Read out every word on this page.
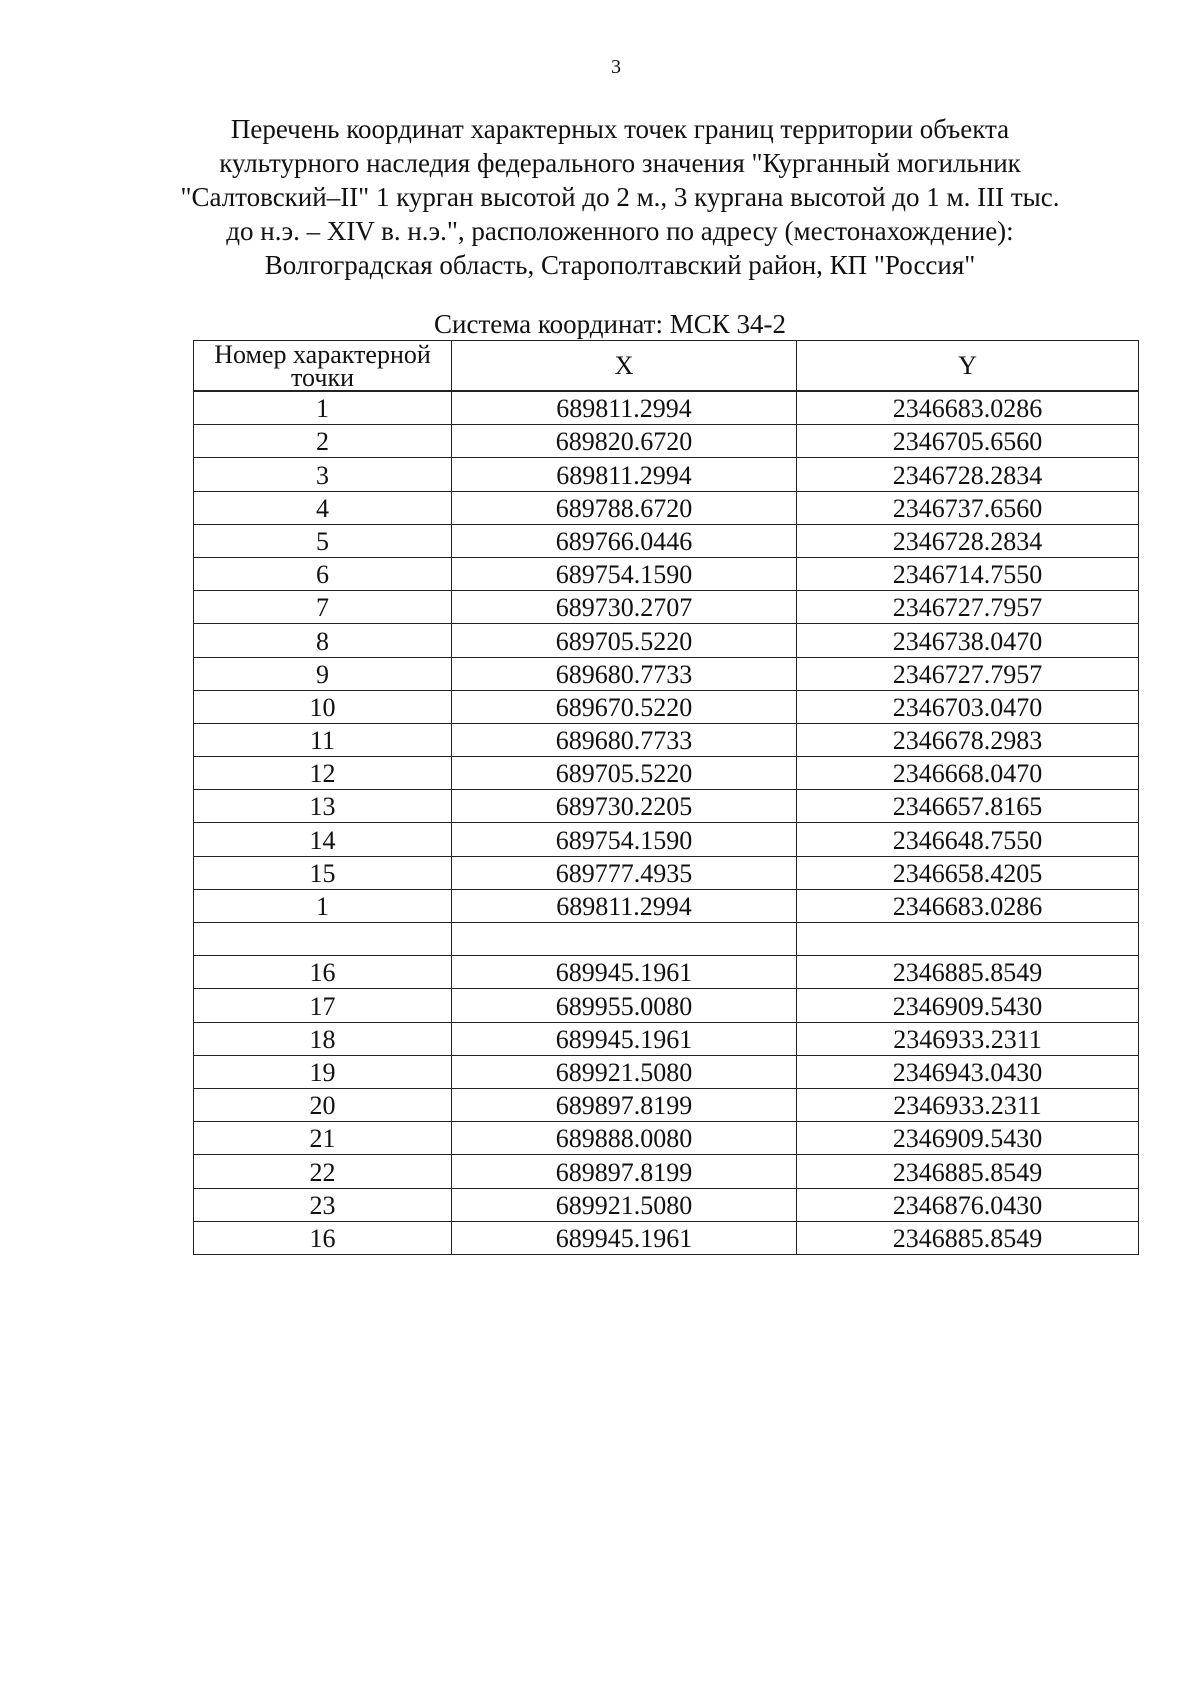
3
Перечень координат характерных точек границ территории объекта
культурного наследия федерального значения "Курганный могильник
"Салтовский–II" 1 курган высотой до 2 м., 3 кургана высотой до 1 м. III тыс.
до н.э. – XIV в. н.э.", расположенного по адресу (местонахождение):
Волгоградская область, Старополтавский район, КП "Россия"
Система координат: МСК 34-2
Номер характерной точки	X	Y
1	689811.2994	2346683.0286
2	689820.6720	2346705.6560
3	689811.2994	2346728.2834
4	689788.6720	2346737.6560
5	689766.0446	2346728.2834
6	689754.1590	2346714.7550
7	689730.2707	2346727.7957
8	689705.5220	2346738.0470
9	689680.7733	2346727.7957
10	689670.5220	2346703.0470
11	689680.7733	2346678.2983
12	689705.5220	2346668.0470
13	689730.2205	2346657.8165
14	689754.1590	2346648.7550
15	689777.4935	2346658.4205
1	689811.2994	2346683.0286

16	689945.1961	2346885.8549
17	689955.0080	2346909.5430
18	689945.1961	2346933.2311
19	689921.5080	2346943.0430
20	689897.8199	2346933.2311
21	689888.0080	2346909.5430
22	689897.8199	2346885.8549
23	689921.5080	2346876.0430
16	689945.1961	2346885.8549
